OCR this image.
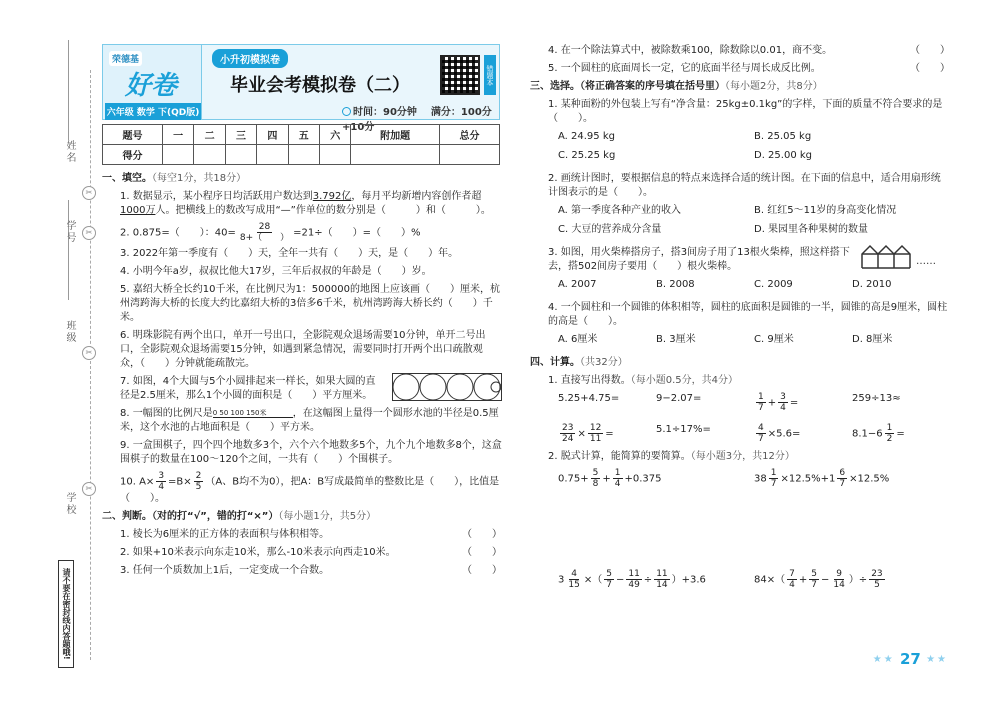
姓名
✂
学号	✂
班级
✂
学校
✂
请不要在密封线内答题哦!
荣德基
好卷
六年级 数学 下(QD版)
小升初模拟卷
毕业会考模拟卷（二）	错题本
时间：90分钟 满分：100分+10分
题号	一	二	三	四	五	六	附加题	总分
得分								
一、填空。（每空1分，共18分）
1. 数据显示，某小程序日均活跃用户数达到3.792亿，每月平均新增内容创作者超1000万人。把横线上的数改写成用“—”作单位的数分别是（　　　）和（　　　）。
2. 0.875=（　　）：$40= \frac{28}{8+( )} =21\div$（　　）=（　　）%
3. 2022年第一季度有（　　）天，全年一共有（　　）天，是（　　）年。
4. 小明今年a岁，叔叔比他大17岁，三年后叔叔的年龄是（　　）岁。
5. 嘉绍大桥全长约10千米，在比例尺为1：500000的地图上应该画（　　）厘米，杭州湾跨海大桥的长度大约比嘉绍大桥的3倍多6千米，杭州湾跨海大桥长约（　　）千米。
6. 明珠影院有两个出口，单开一号出口，全影院观众退场需要10分钟，单开二号出口，全影院观众退场需要15分钟，如遇到紧急情况，需要同时打开两个出口疏散观众，（　　）分钟就能疏散完。
7. 如图，4个大圆与5个小圆排起来一样长，如果大圆的直径是2.5厘米，那么1个小圆的面积是（　　）平方厘米。
8. 一幅图的比例尺是 0 50 100 150米	，在这幅图上量得一个圆形水池的半径是0.5厘米，这个水池的占地面积是（　　）平方米。
9. 一盒围棋子，四个四个地数多3个，六个六个地数多5个，九个九个地数多8个，这盒围棋子的数量在100～120个之间，一共有（　　）个围棋子。
10. $A\times \frac{3}{4} =B\times \frac{2}{5} (A$、B均不为0），把A：B写成最简单的整数比是（　　），比值是（　　）。
二、判断。（对的打“√”，错的打“×”）（每小题1分，共5分）
1. 棱长为6厘米的正方体的表面积与体积相等。	（　　）
2. 如果+10米表示向东走10米，那么-10米表示向西走10米。	（　　）
3. 任何一个质数加上1后，一定变成一个合数。	（　　）
4. 在一个除法算式中，被除数乘100，除数除以0.01，商不变。	（　　）
5. 一个圆柱的底面周长一定，它的底面半径与周长成反比例。	（　　）
三、选择。（将正确答案的序号填在括号里）（每小题2分，共8分）
1. 某种面粉的外包装上写有“净含量：25kg±0.1kg”的字样，下面的质量不符合要求的是（　　）。
A. 24.95 kg	B. 25.05 kg
C. 25.25 kg	D. 25.00 kg
2. 画统计图时，要根据信息的特点来选择合适的统计图。在下面的信息中，适合用扇形统计图表示的是（　　）。
A. 第一季度各种产业的收入	B. 红红5～11岁的身高变化情况
C. 大豆的营养成分含量	D. 果园里各种果树的数量
3. 如图，用火柴棒搭房子，搭3间房子用了13根火柴棒，照这样搭下去，搭502间房子要用（　　）根火柴棒。	……
A. 2007	B. 2008	C. 2009	D. 2010
4. 一个圆柱和一个圆锥的体积相等，圆柱的底面积是圆锥的一半，圆锥的高是9厘米，圆柱的高是（　　）。
A. 6厘米	B. 3厘米	C. 9厘米	D. 8厘米
四、计算。（共32分）
1. 直接写出得数。（每小题0.5分，共4分）
5.25+4.75=	9−2.07=	$\frac{1}{7} + \frac{3}{4}$ =	259÷13≈
$\frac{23}{24} \times \frac{12}{11}$ =	5.1÷17%=	$\frac{4}{7} \times 5.6=$	$8.1-6 \frac{1}{2}$ =
2. 脱式计算，能简算的要简算。（每小题3分，共12分）
$0.75+ \frac{5}{8} + \frac{1}{4} +0.375$	$38 \frac{1}{7} \times 12.5\%+1 \frac{6}{7} \times 12.5\%$
$3 \frac{4}{15}$ ×（ $\frac{5}{7} - \frac{11}{49} \div \frac{11}{14} )+3.6$	$84\times( \frac{7}{4} + \frac{5}{7} - \frac{9}{14}$ ）÷ $\frac{23}{5}$
★★ 27 ★★
